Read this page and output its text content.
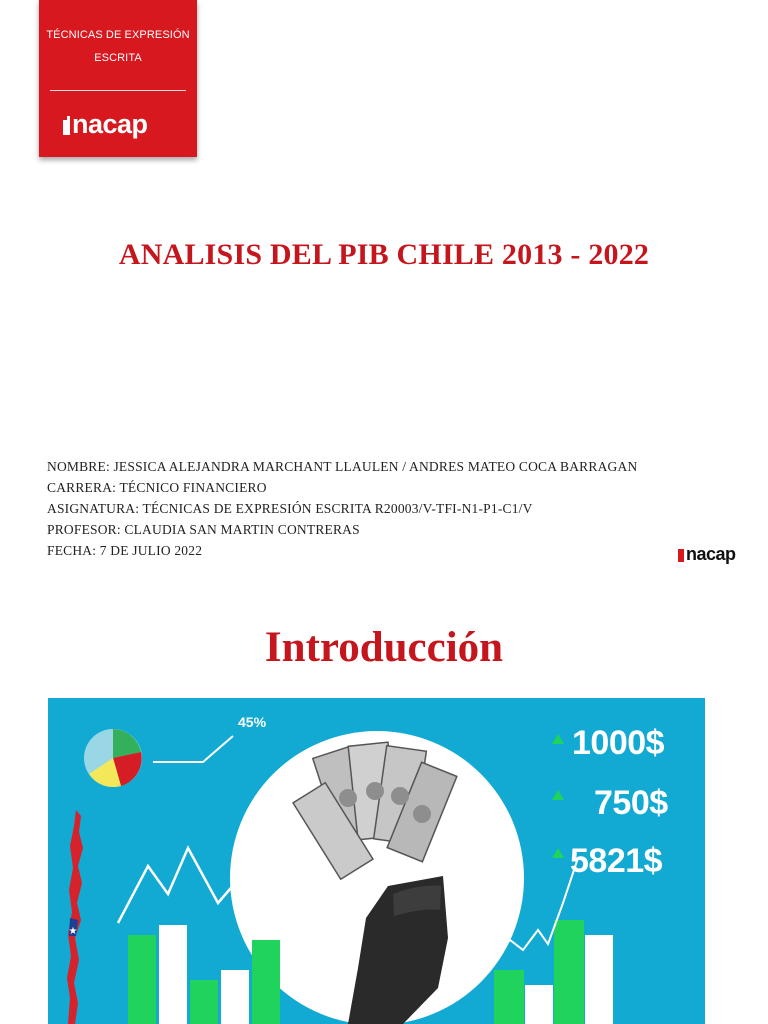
TÉCNICAS DE EXPRESIÓN
ESCRITA
nacap
ANALISIS DEL PIB CHILE 2013 - 2022
NOMBRE: JESSICA ALEJANDRA MARCHANT LLAULEN / ANDRES MATEO COCA BARRAGAN
CARRERA: TÉCNICO FINANCIERO
ASIGNATURA: TÉCNICAS DE EXPRESIÓN ESCRITA R20003/V-TFI-N1-P1-C1/V
PROFESOR: CLAUDIA SAN MARTIN CONTRERAS
FECHA: 7 DE JULIO 2022	nacap
Introducción
★
45%
1000$
750$
5821$
